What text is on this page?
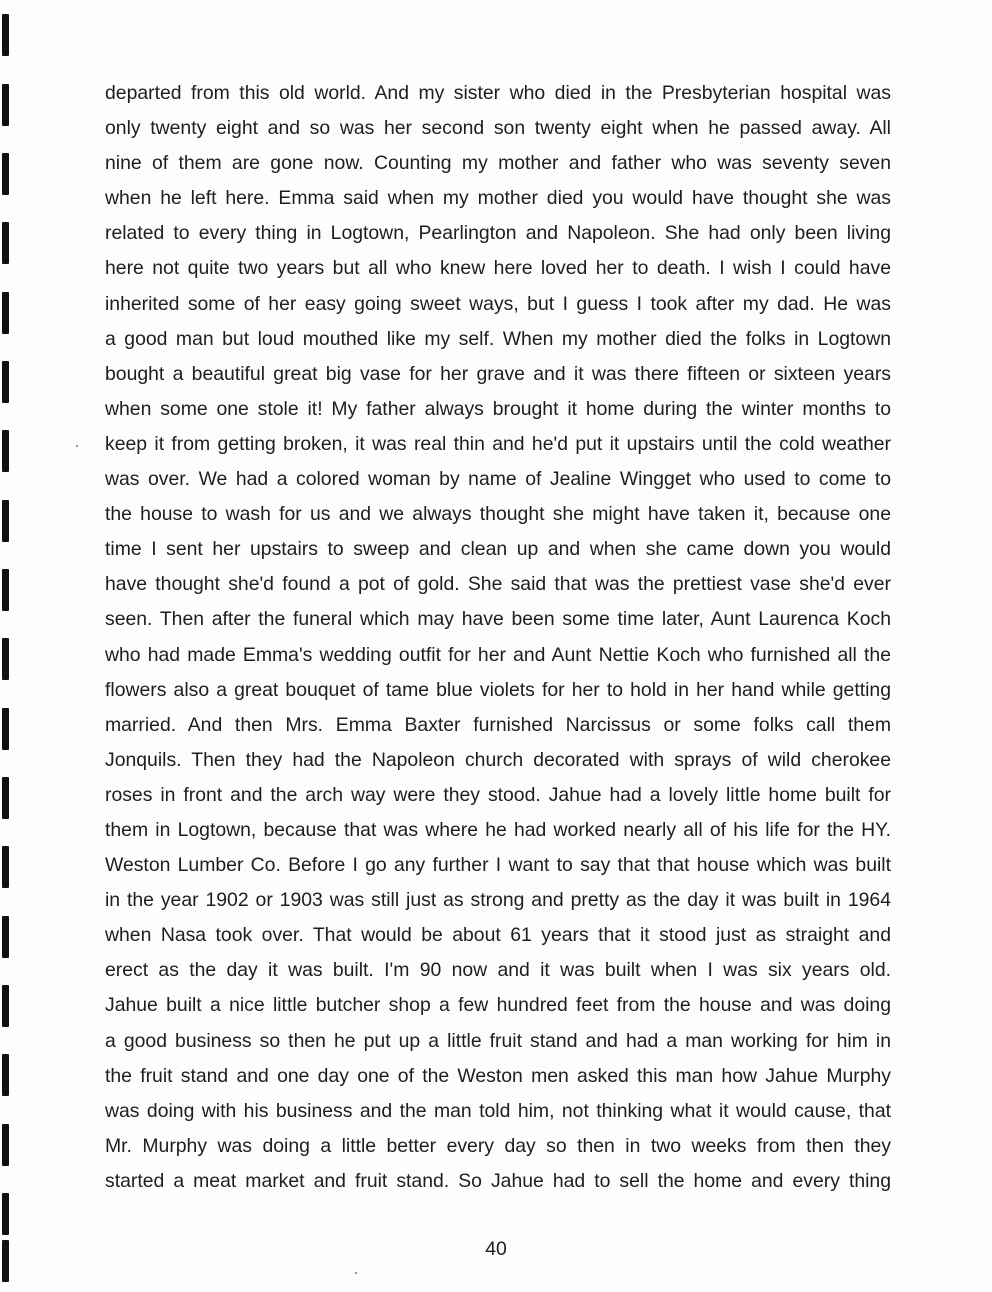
departed from this old world. And my sister who died in the Presbyterian hospital was
only twenty eight and so was her second son twenty eight when he passed away. All
nine of them are gone now. Counting my mother and father who was seventy seven
when he left here. Emma said when my mother died you would have thought she was
related to every thing in Logtown, Pearlington and Napoleon. She had only been living
here not quite two years but all who knew here loved her to death. I wish I could have
inherited some of her easy going sweet ways, but I guess I took after my dad. He was
a good man but loud mouthed like my self. When my mother died the folks in Logtown
bought a beautiful great big vase for her grave and it was there fifteen or sixteen years
when some one stole it! My father always brought it home during the winter months to
keep it from getting broken, it was real thin and he'd put it upstairs until the cold weather
was over. We had a colored woman by name of Jealine Wingget who used to come to
the house to wash for us and we always thought she might have taken it, because one
time I sent her upstairs to sweep and clean up and when she came down you would
have thought she'd found a pot of gold. She said that was the prettiest vase she'd ever
seen. Then after the funeral which may have been some time later, Aunt Laurenca Koch
who had made Emma's wedding outfit for her and Aunt Nettie Koch who furnished all the
flowers also a great bouquet of tame blue violets for her to hold in her hand while getting
married. And then Mrs. Emma Baxter furnished Narcissus or some folks call them
Jonquils. Then they had the Napoleon church decorated with sprays of wild cherokee
roses in front and the arch way were they stood. Jahue had a lovely little home built for
them in Logtown, because that was where he had worked nearly all of his life for the HY.
Weston Lumber Co. Before I go any further I want to say that that house which was built
in the year 1902 or 1903 was still just as strong and pretty as the day it was built in 1964
when Nasa took over. That would be about 61 years that it stood just as straight and
erect as the day it was built. I'm 90 now and it was built when I was six years old.
Jahue built a nice little butcher shop a few hundred feet from the house and was doing
a good business so then he put up a little fruit stand and had a man working for him in
the fruit stand and one day one of the Weston men asked this man how Jahue Murphy
was doing with his business and the man told him, not thinking what it would cause, that
Mr. Murphy was doing a little better every day so then in two weeks from then they
started a meat market and fruit stand. So Jahue had to sell the home and every thing
40
